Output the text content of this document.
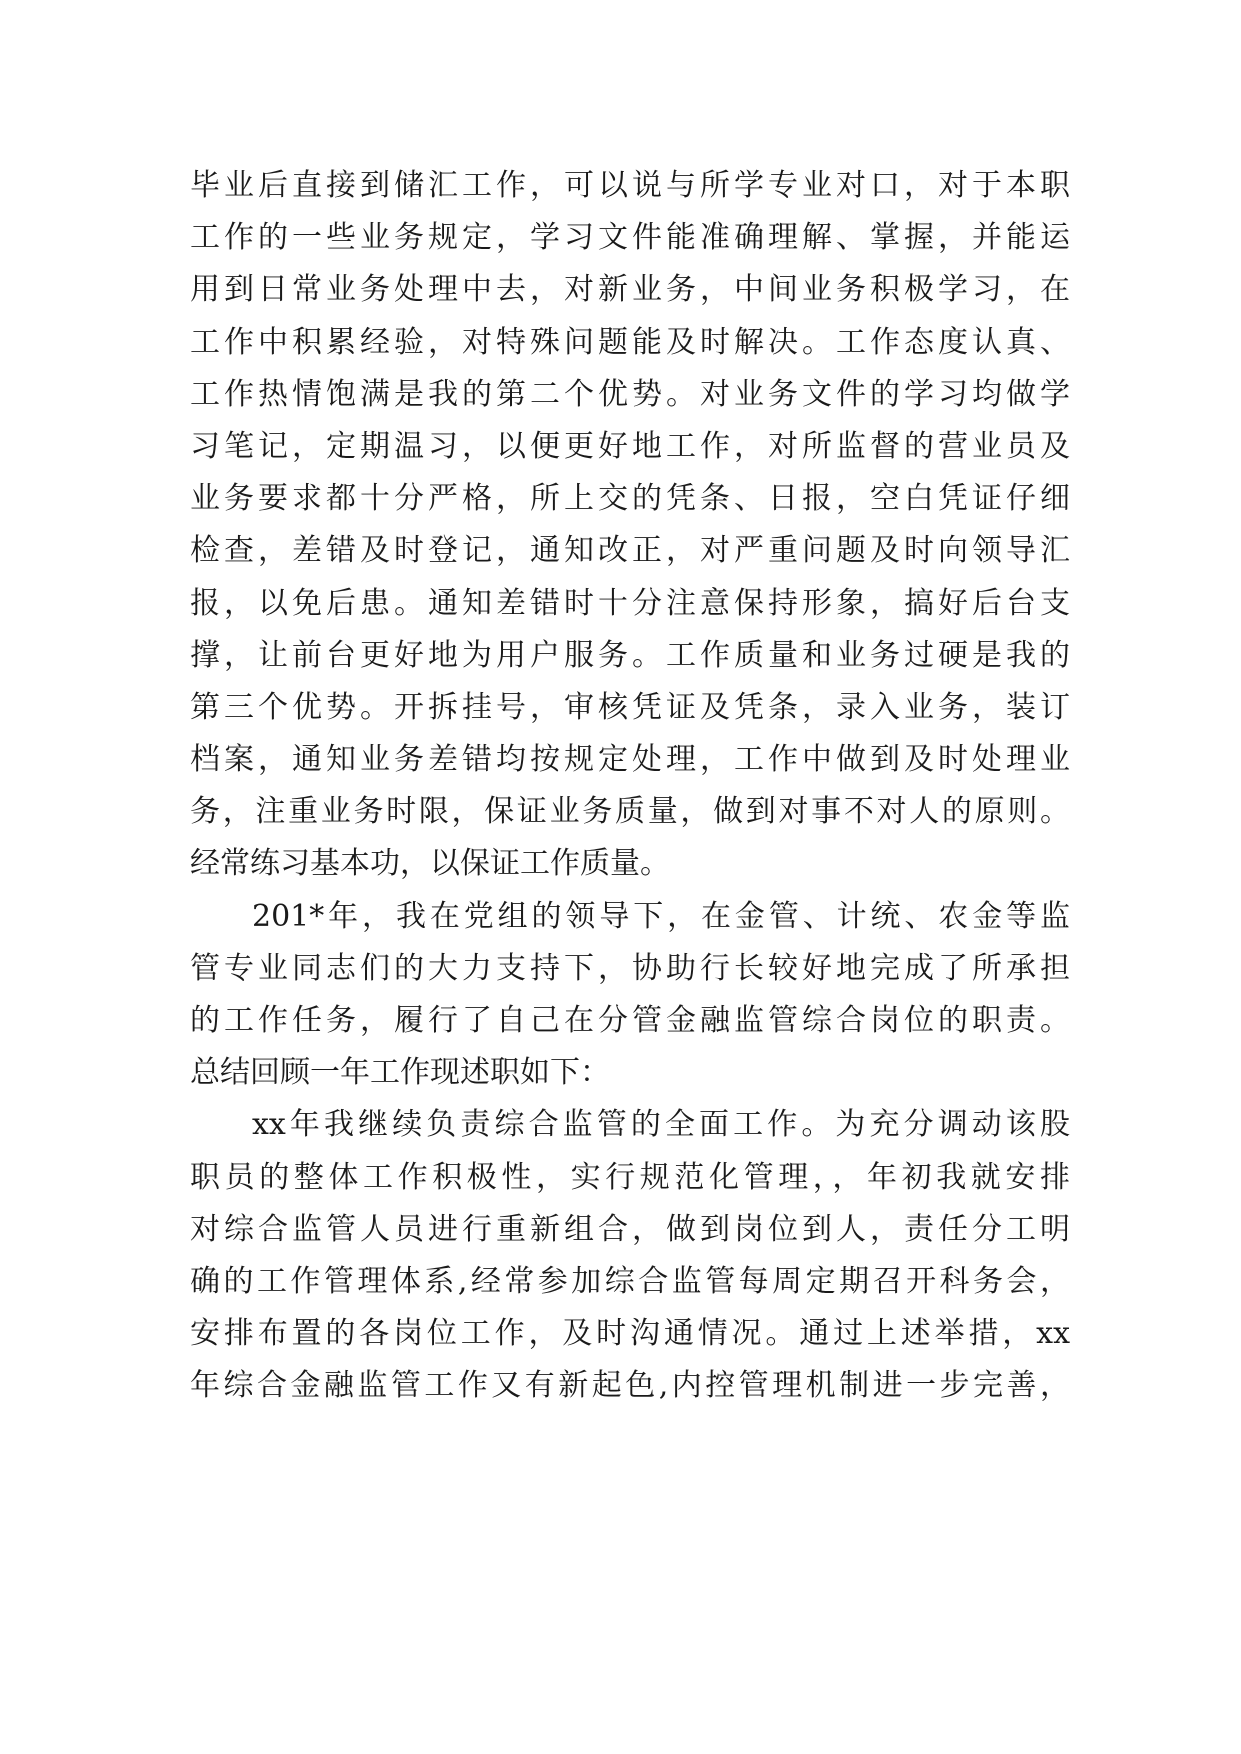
毕业后直接到储汇工作，可以说与所学专业对口，对于本职
工作的一些业务规定，学习文件能准确理解、掌握，并能运
用到日常业务处理中去，对新业务，中间业务积极学习，在
工作中积累经验，对特殊问题能及时解决。工作态度认真、
工作热情饱满是我的第二个优势。对业务文件的学习均做学
习笔记，定期温习，以便更好地工作，对所监督的营业员及
业务要求都十分严格，所上交的凭条、日报，空白凭证仔细
检查，差错及时登记，通知改正，对严重问题及时向领导汇
报，以免后患。通知差错时十分注意保持形象，搞好后台支
撑，让前台更好地为用户服务。工作质量和业务过硬是我的
第三个优势。开拆挂号，审核凭证及凭条，录入业务，装订
档案，通知业务差错均按规定处理，工作中做到及时处理业
务，注重业务时限，保证业务质量，做到对事不对人的原则。
经常练习基本功，以保证工作质量。
201*年，我在党组的领导下，在金管、计统、农金等监
管专业同志们的大力支持下，协助行长较好地完成了所承担
的工作任务，履行了自己在分管金融监管综合岗位的职责。
总结回顾一年工作现述职如下：
xx年我继续负责综合监管的全面工作。为充分调动该股
职员的整体工作积极性，实行规范化管理，，年初我就安排
对综合监管人员进行重新组合，做到岗位到人，责任分工明
确的工作管理体系,经常参加综合监管每周定期召开科务会，
安排布置的各岗位工作，及时沟通情况。通过上述举措，xx
年综合金融监管工作又有新起色,内控管理机制进一步完善，
